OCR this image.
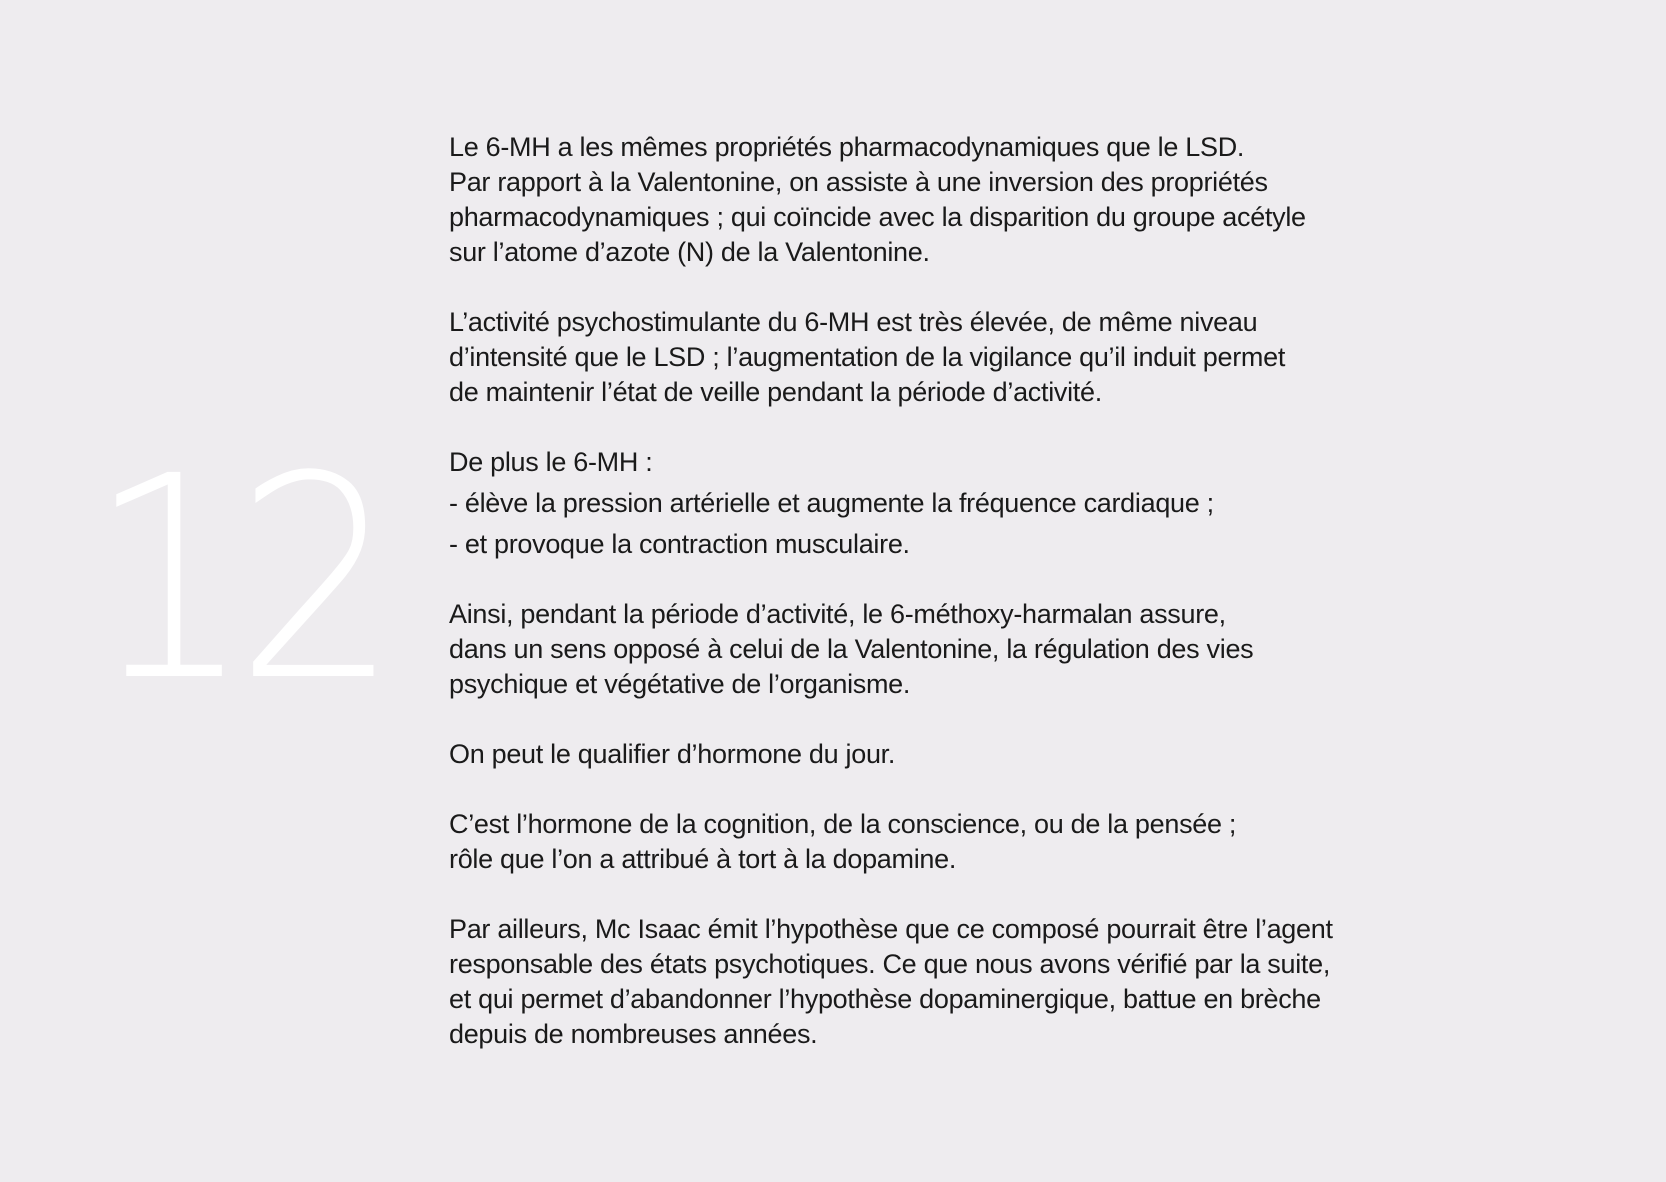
12

Le 6-MH a les mêmes propriétés pharmacodynamiques que le LSD.
Par rapport à la Valentonine, on assiste à une inversion des propriétés
pharmacodynamiques ; qui coïncide avec la disparition du groupe acétyle
sur l’atome d’azote (N) de la Valentonine.

L’activité psychostimulante du 6-MH est très élevée, de même niveau
d’intensité que le LSD ; l’augmentation de la vigilance qu’il induit permet
de maintenir l’état de veille pendant la période d’activité.

De plus le 6-MH :
- élève la pression artérielle et augmente la fréquence cardiaque ;
- et provoque la contraction musculaire.

Ainsi, pendant la période d’activité, le 6-méthoxy-harmalan assure,
dans un sens opposé à celui de la Valentonine, la régulation des vies
psychique et végétative de l’organisme.

On peut le qualifier d’hormone du jour.

C’est l’hormone de la cognition, de la conscience, ou de la pensée ;
rôle que l’on a attribué à tort à la dopamine.

Par ailleurs, Mc Isaac émit l’hypothèse que ce composé pourrait être l’agent
responsable des états psychotiques. Ce que nous avons vérifié par la suite,
et qui permet d’abandonner l’hypothèse dopaminergique, battue en brèche
depuis de nombreuses années.
